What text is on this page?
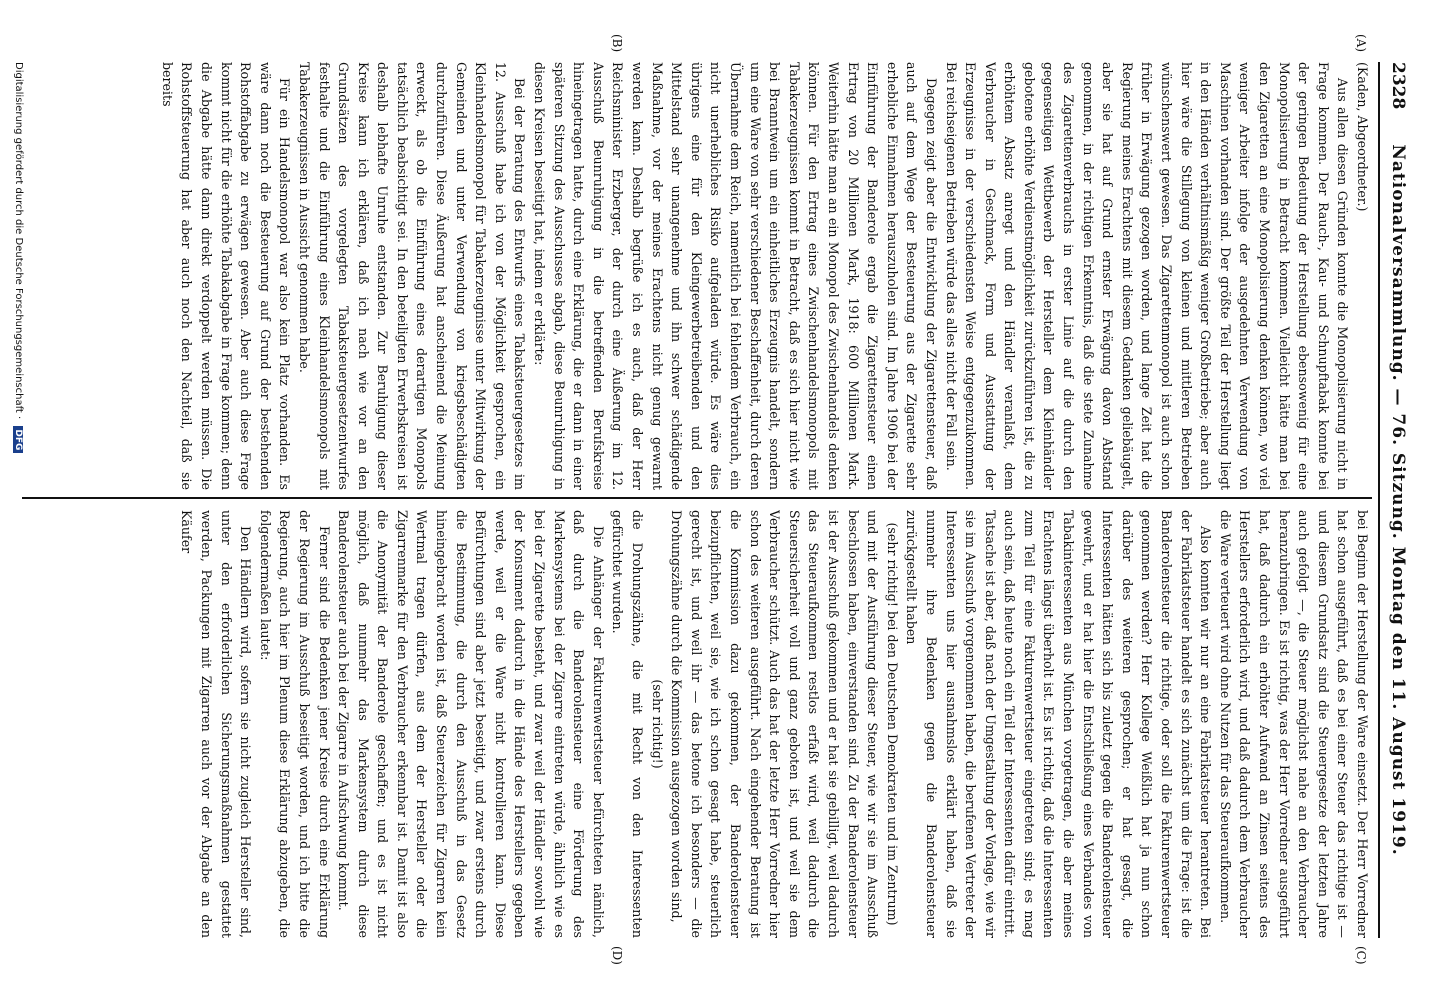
2328
Nationalversammlung. — 76. Sitzung. Montag den 11. August 1919.
(A)
(B)
(C)
(D)

(Kaden, Abgeordneter.)

Aus allen diesen Gründen konnte die Monopolisierung nicht in Frage kommen. Der Rauch-, Kau- und Schnupftabak konnte bei der geringen Bedeutung der Herstellung ebensowenig für eine Monopolisierung in Betracht kommen. Vielleicht hätte man bei den Zigaretten an eine Monopolisierung denken können, wo viel weniger Arbeiter infolge der ausgedehnten Verwendung von Maschinen vorhanden sind. Der größte Teil der Herstellung liegt in den Händen verhältnismäßig weniger Großbetriebe; aber auch hier wäre die Stillegung von kleinen und mittleren Betrieben wünschenswert gewesen. Das Zigarettenmonopol ist auch schon früher in Erwägung gezogen worden, und lange Zeit hat die Regierung meines Erachtens mit diesem Gedanken geliebäugelt, aber sie hat auf Grund ernster Erwägung davon Abstand genommen, in der richtigen Erkenntnis, daß die stete Zunahme des Zigarettenverbrauchs in erster Linie auf die durch den gegenseitigen Wettbewerb der Hersteller dem Kleinhändler gebotene erhöhte Verdienstmöglichkeit zurückzuführen ist, die zu erhöhtem Absatz anregt und den Händler veranlaßt, dem Verbraucher in Geschmack, Form und Ausstattung der Erzeugnisse in der verschiedensten Weise entgegenzukommen. Bei reichseigenen Betrieben würde das alles nicht der Fall sein.

Dagegen zeigt aber die Entwicklung der Zigarettensteuer, daß auch auf dem Wege der Besteuerung aus der Zigarette sehr erhebliche Einnahmen herauszuholen sind. Im Jahre 1906 bei der Einführung der Banderole ergab die Zigarettensteuer einen Ertrag von 20 Millionen Mark, 1918: 600 Millionen Mark. Weiterhin hätte man an ein Monopol des Zwischenhandels denken können. Für den Ertrag eines Zwischenhandelsmonopols mit Tabakerzeugnissen kommt in Betracht, daß es sich hier nicht wie bei Branntwein um ein einheitliches Erzeugnis handelt, sondern um eine Ware von sehr verschiedener Beschaffenheit, durch deren Übernahme dem Reich, namentlich bei fehlendem Verbrauch, ein nicht unerhebliches Risiko aufgeladen würde. Es wäre dies übrigens eine für den Kleingewerbetreibenden und den Mittelstand sehr unangenehme und ihn schwer schädigende Maßnahme, vor der meines Erachtens nicht genug gewarnt werden kann. Deshalb begrüße ich es auch, daß der Herr Reichsminister Erzberger, der durch eine Äußerung im 12. Ausschuß Beunruhigung in die betreffenden Berufskreise hineingetragen hatte, durch eine Erklärung, die er dann in einer späteren Sitzung des Ausschusses abgab, diese Beunruhigung in diesen Kreisen beseitigt hat, indem er erklärte:

Bei der Beratung des Entwurfs eines Tabaksteuergesetzes im 12. Ausschuß habe ich von der Möglichkeit gesprochen, ein Kleinhandelsmonopol für Tabakerzeugnisse unter Mitwirkung der Gemeinden und unter Verwendung von kriegsbeschädigten durchzuführen. Diese Äußerung hat anscheinend die Meinung erweckt, als ob die Einführung eines derartigen Monopols tatsächlich beabsichtigt sei. In den beteiligten Erwerbskreisen ist deshalb lebhafte Unruhe entstanden. Zur Beruhigung dieser Kreise kann ich erklären, daß ich nach wie vor an den Grundsätzen des vorgelegten Tabaksteuergesetzentwurfes festhalte und die Einführung eines Kleinhandelsmonopols mit Tabakerzeugnissen in Aussicht genommen habe.

Für ein Handelsmonopol war also kein Platz vorhanden. Es wäre dann noch die Besteuerung auf Grund der bestehenden Rohstoffabgabe zu erwägen gewesen. Aber auch diese Frage kommt nicht für die erhöhte Tabakabgabe in Frage kommen; denn die Abgabe hätte dann direkt verdoppelt werden müssen. Die Rohstoffsteuerung hat aber auch noch den Nachteil, daß sie bereits

bei Beginn der Herstellung der Ware einsetzt. Der Herr Vorredner hat schon ausgeführt, daß es bei einer Steuer das richtige ist — und diesem Grundsatz sind die Steuergesetze der letzten Jahre auch gefolgt —, die Steuer möglichst nahe an den Verbraucher heranzubringen. Es ist richtig, was der Herr Vorredner ausgeführt hat, daß dadurch ein erhöhter Aufwand an Zinsen seitens des Herstellers erforderlich wird, und daß dadurch dem Verbraucher die Ware verteuert wird ohne Nutzen für das Steueraufkommen.

Also konnten wir nur an eine Fabrikatsteuer herantreten. Bei der Fabrikatsteuer handelt es sich zunächst um die Frage: ist die Banderolensteuer die richtige, oder soll die Fakturenwertsteuer genommen werden? Herr Kollege Weißlich hat ja nun schon darüber des weiteren gesprochen; er hat gesagt, die Interessenten hätten sich bis zuletzt gegen die Banderolensteuer gewehrt, und er hat hier die Entschließung eines Verbandes von Tabakinteressenten aus München vorgetragen, die aber meines Erachtens längst überholt ist. Es ist richtig, daß die Interessenten zum Teil für eine Fakturenwertsteuer eingetreten sind; es mag auch sein, daß heute noch ein Teil der Interessenten dafür eintritt. Tatsache ist aber, daß nach der Umgestaltung der Vorlage, wie wir sie im Ausschuß vorgenommen haben, die berufenen Vertreter der Interessenten uns hier ausnahmslos erklärt haben, daß sie nunmehr ihre Bedenken gegen die Banderolensteuer zurückgestellt haben

(sehr richtig! bei den Deutschen Demokraten und im Zentrum)

und mit der Ausführung dieser Steuer, wie wir sie im Ausschuß beschlossen haben, einverstanden sind. Zu der Banderolensteuer ist der Ausschuß gekommen und er hat sie gebilligt, weil dadurch das Steueraufkommen restlos erfaßt wird, weil dadurch die Steuersicherheit voll und ganz geboten ist, und weil sie dem Verbraucher schützt. Auch das hat der letzte Herr Vorredner hier schon des weiteren ausgeführt. Nach eingehender Beratung ist die Kommission dazu gekommen, der Banderolensteuer beizupflichten, weil sie, wie ich schon gesagt habe, steuerlich gerecht ist, und weil ihr — das betone ich besonders — die Drohungszähne durch die Kommission ausgezogen worden sind,

(sehr richtig!)

die Drohungszähne, die mit Recht von den Interessenten gefürchtet wurden.

Die Anhänger der Fakturenwertsteuer befürchteten nämlich, daß durch die Banderolensteuer eine Förderung des Markensystems bei der Zigarre eintreten würde, ähnlich wie es bei der Zigarette besteht, und zwar weil der Händler sowohl wie der Konsument dadurch in die Hände des Herstellers gegeben werde, weil er die Ware nicht kontrollieren kann. Diese Befürchtungen sind aber jetzt beseitigt, und zwar erstens durch die Bestimmung, die durch den Ausschuß in das Gesetz hineingebracht worden ist, daß Steuerzeichen für Zigarren kein Wertmal tragen dürfen, aus dem der Hersteller oder die Zigarrenmarke für den Verbraucher erkennbar ist. Damit ist also die Anonymität der Banderole geschaffen; und es ist nicht möglich, daß nunmehr das Markensystem durch diese Banderolensteuer auch bei der Zigarre in Aufschwung kommt.

Ferner sind die Bedenken jener Kreise durch eine Erklärung der Regierung im Ausschuß beseitigt worden, und ich bitte die Regierung, auch hier im Plenum diese Erklärung abzugeben, die folgendermaßen lautet:

Den Händlern wird, sofern sie nicht zugleich Hersteller sind, unter den erforderlichen Sicherungsmaßnahmen gestattet werden, Packungen mit Zigarren auch vor der Abgabe an den Käufer

Digitalisierung gefördert durch die Deutsche Forschungsgemeinschaft · DFG
